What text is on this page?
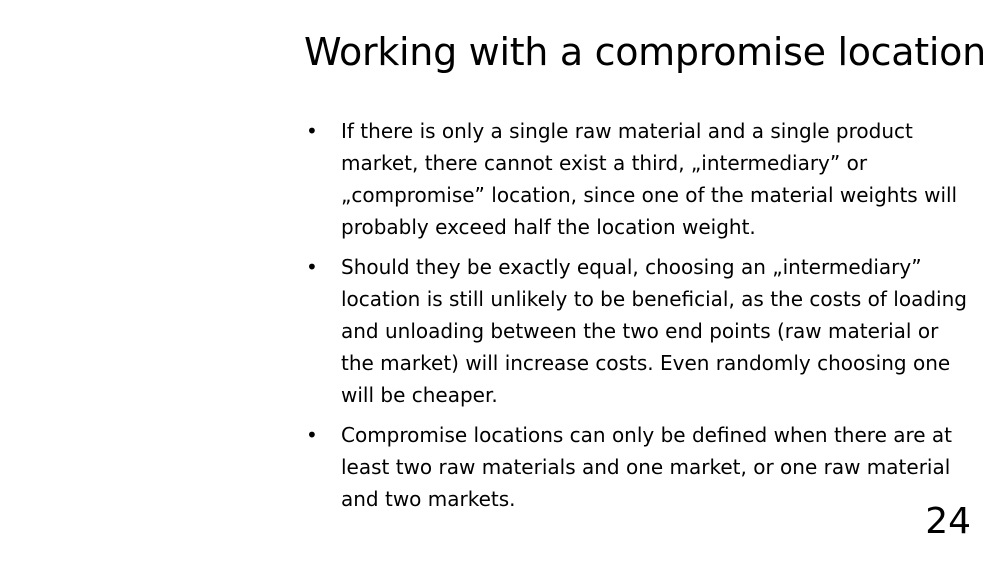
Working with a compromise location
• If there is only a single raw material and a single product market, there cannot exist a third, „intermediary” or „compromise” location, since one of the material weights will probably exceed half the location weight.
• Should they be exactly equal, choosing an „intermediary” location is still unlikely to be beneficial, as the costs of loading and unloading between the two end points (raw material or the market) will increase costs. Even randomly choosing one will be cheaper.
• Compromise locations can only be defined when there are at least two raw materials and one market, or one raw material and two markets.
24
